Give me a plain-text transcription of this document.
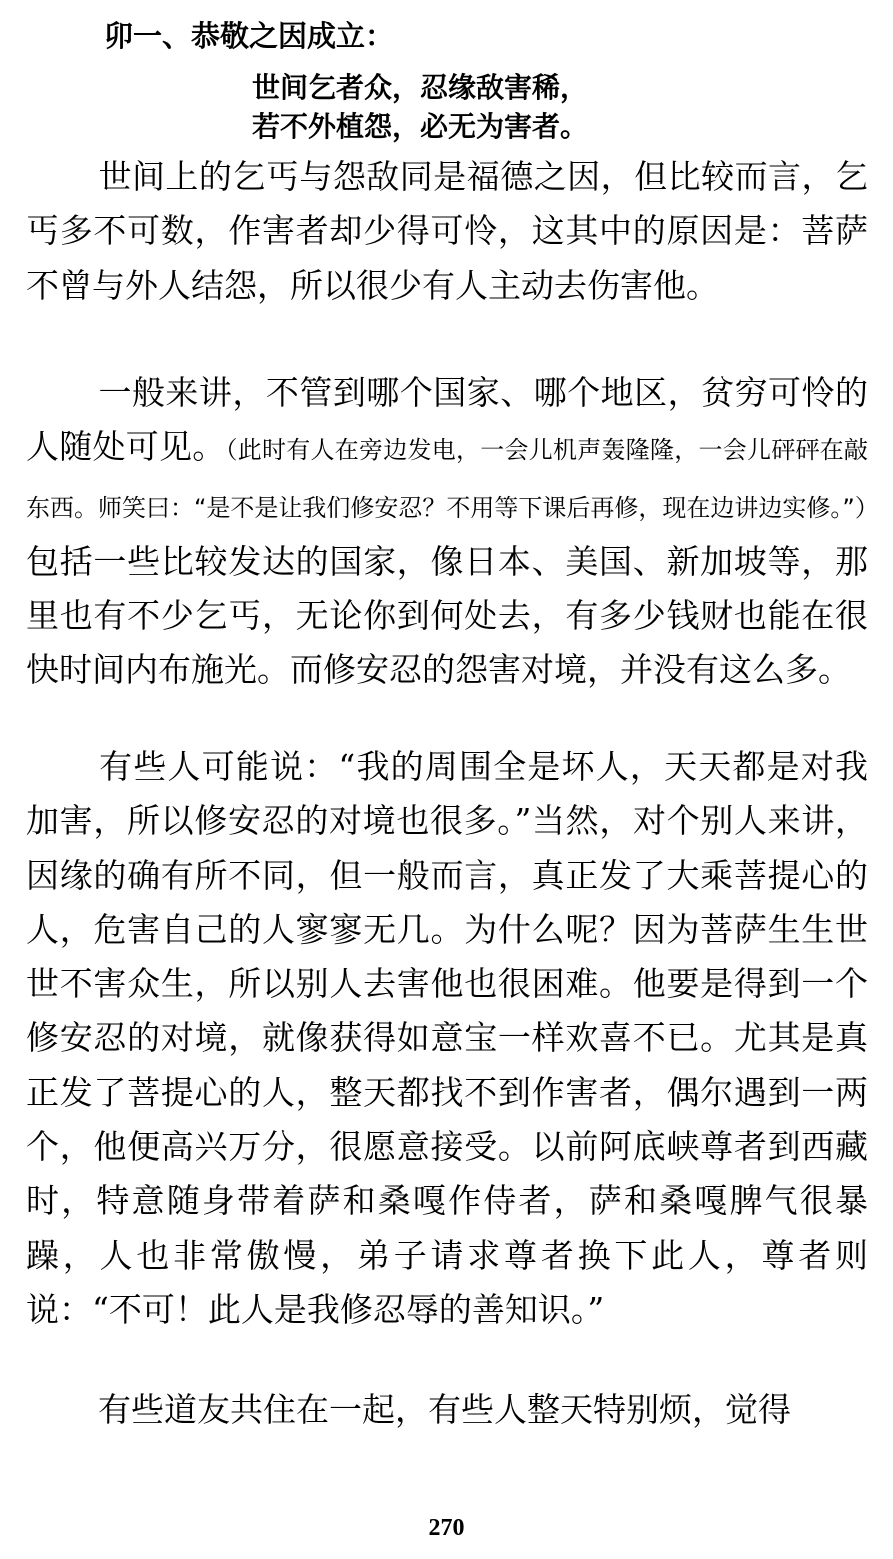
卯一、恭敬之因成立：
世间乞者众，忍缘敌害稀，
若不外植怨，必无为害者。

世间上的乞丐与怨敌同是福德之因，但比较而言，乞丐多不可数，作害者却少得可怜，这其中的原因是：菩萨不曾与外人结怨，所以很少有人主动去伤害他。

一般来讲，不管到哪个国家、哪个地区，贫穷可怜的人随处可见。（此时有人在旁边发电，一会儿机声轰隆隆，一会儿砰砰在敲东西。师笑曰：“是不是让我们修安忍？不用等下课后再修，现在边讲边实修。”）包括一些比较发达的国家，像日本、美国、新加坡等，那里也有不少乞丐，无论你到何处去，有多少钱财也能在很快时间内布施光。而修安忍的怨害对境，并没有这么多。

有些人可能说：“我的周围全是坏人，天天都是对我加害，所以修安忍的对境也很多。”当然，对个别人来讲，因缘的确有所不同，但一般而言，真正发了大乘菩提心的人，危害自己的人寥寥无几。为什么呢？因为菩萨生生世世不害众生，所以别人去害他也很困难。他要是得到一个修安忍的对境，就像获得如意宝一样欢喜不已。尤其是真正发了菩提心的人，整天都找不到作害者，偶尔遇到一两个，他便高兴万分，很愿意接受。以前阿底峡尊者到西藏时，特意随身带着萨和桑嘎作侍者，萨和桑嘎脾气很暴躁，人也非常傲慢，弟子请求尊者换下此人，尊者则说：“不可！此人是我修忍辱的善知识。”

有些道友共住在一起，有些人整天特别烦，觉得

270
